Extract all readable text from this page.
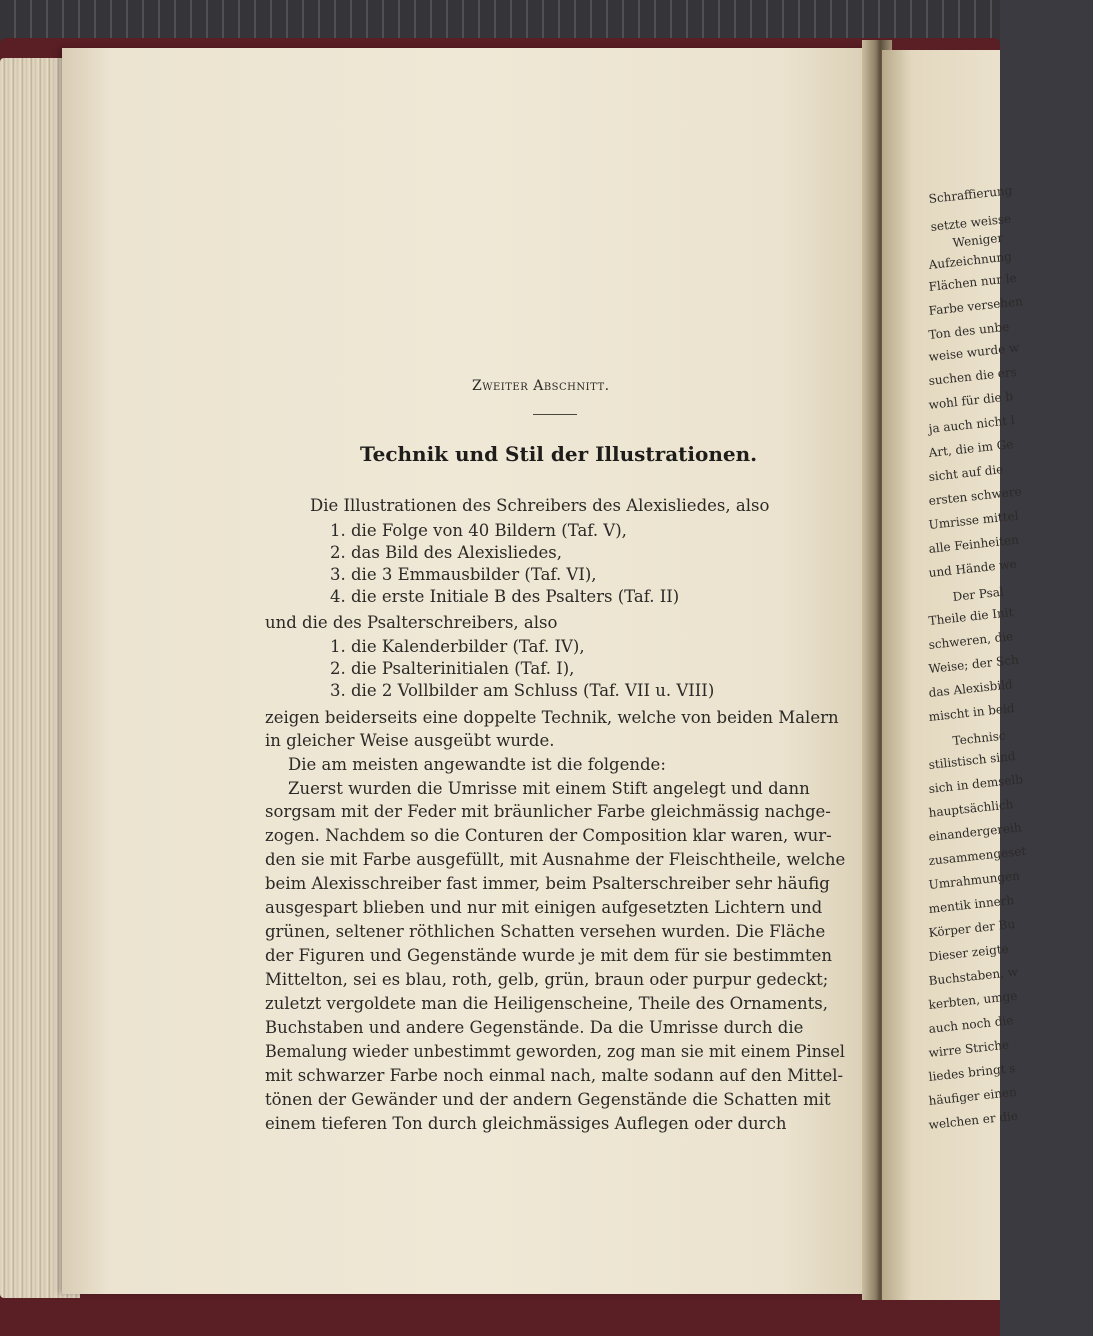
Schraffierung
setzte weisse
Weniger
Aufzeichnung
Flächen nur le
Farbe versehen
Ton des unbe
weise wurde w
suchen die ers
wohl für die b
ja auch nicht l
Art, die im Ge
sicht auf die
ersten schwere
Umrisse mittel
alle Feinheiten
und Hände we
Der Psal
Theile die Init
schweren, die
Weise; der Sch
das Alexisbild
mischt in beid
Technisc
stilistisch sind
sich in demselb
hauptsächlich
einandergereih
zusammengeset
Umrahmungen
mentik innerh
Körper der Bu
Dieser zeigte
Buchstaben, w
kerbten, umge
auch noch die
wirre Striche
liedes bringt s
häufiger einen
welchen er die
Zweiter Abschnitt.
Technik und Stil der Illustrationen.
Die Illustrationen des Schreibers des Alexisliedes, also
1. die Folge von 40 Bildern (Taf. V),
2. das Bild des Alexisliedes,
3. die 3 Emmausbilder (Taf. VI),
4. die erste Initiale B des Psalters (Taf. II)
und die des Psalterschreibers, also
1. die Kalenderbilder (Taf. IV),
2. die Psalterinitialen (Taf. I),
3. die 2 Vollbilder am Schluss (Taf. VII u. VIII)
zeigen beiderseits eine doppelte Technik, welche von beiden Malern
in gleicher Weise ausgeübt wurde.
Die am meisten angewandte ist die folgende:
Zuerst wurden die Umrisse mit einem Stift angelegt und dann
sorgsam mit der Feder mit bräunlicher Farbe gleichmässig nachge-
zogen. Nachdem so die Conturen der Composition klar waren, wur-
den sie mit Farbe ausgefüllt, mit Ausnahme der Fleischtheile, welche
beim Alexisschreiber fast immer, beim Psalterschreiber sehr häufig
ausgespart blieben und nur mit einigen aufgesetzten Lichtern und
grünen, seltener röthlichen Schatten versehen wurden. Die Fläche
der Figuren und Gegenstände wurde je mit dem für sie bestimmten
Mittelton, sei es blau, roth, gelb, grün, braun oder purpur gedeckt;
zuletzt vergoldete man die Heiligenscheine, Theile des Ornaments,
Buchstaben und andere Gegenstände. Da die Umrisse durch die
Bemalung wieder unbestimmt geworden, zog man sie mit einem Pinsel
mit schwarzer Farbe noch einmal nach, malte sodann auf den Mittel-
tönen der Gewänder und der andern Gegenstände die Schatten mit
einem tieferen Ton durch gleichmässiges Auflegen oder durch
